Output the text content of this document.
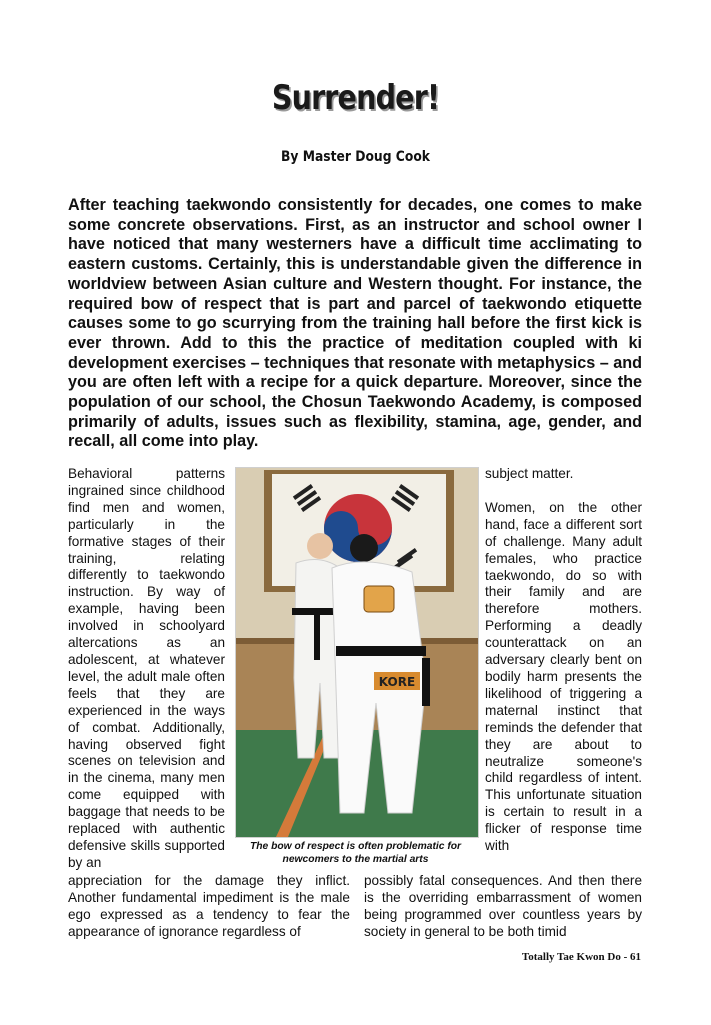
Surrender!
By Master Doug Cook

After teaching taekwondo consistently for decades, one comes to make some concrete observations. First, as an instructor and school owner I have noticed that many westerners have a difficult time acclimating to eastern customs. Certainly, this is understandable given the difference in worldview between Asian culture and Western thought. For instance, the required bow of respect that is part and parcel of taekwondo etiquette causes some to go scurrying from the training hall before the first kick is ever thrown. Add to this the practice of meditation coupled with ki development exercises – techniques that resonate with metaphysics – and you are often left with a recipe for a quick departure. Moreover, since the population of our school, the Chosun Taekwondo Academy, is composed primarily of adults, issues such as flexibility, stamina, age, gender, and recall, all come into play.

Behavioral patterns ingrained since childhood find men and women, particularly in the formative stages of their training, relating differently to taekwondo instruction. By way of example, having been involved in schoolyard altercations as an adolescent, at whatever level, the adult male often feels that they are experienced in the ways of combat. Additionally, having observed fight scenes on television and in the cinema, many men come equipped with baggage that needs to be replaced with authentic defensive skills supported by an

subject matter.

Women, on the other hand, face a different sort of challenge. Many adult females, who practice taekwondo, do so with their family and are therefore mothers. Performing a deadly counterattack on an adversary clearly bent on bodily harm presents the likelihood of triggering a maternal instinct that reminds the defender that they are about to neutralize someone's child regardless of intent. This unfortunate situation is certain to result in a flicker of response time with

KORE
The bow of respect is often problematic for newcomers to the martial arts

appreciation for the damage they inflict. Another fundamental impediment is the male ego expressed as a tendency to fear the appearance of ignorance regardless of

possibly fatal consequences. And then there is the overriding embarrassment of women being programmed over countless years by society in general to be both timid

Totally Tae Kwon Do - 61
